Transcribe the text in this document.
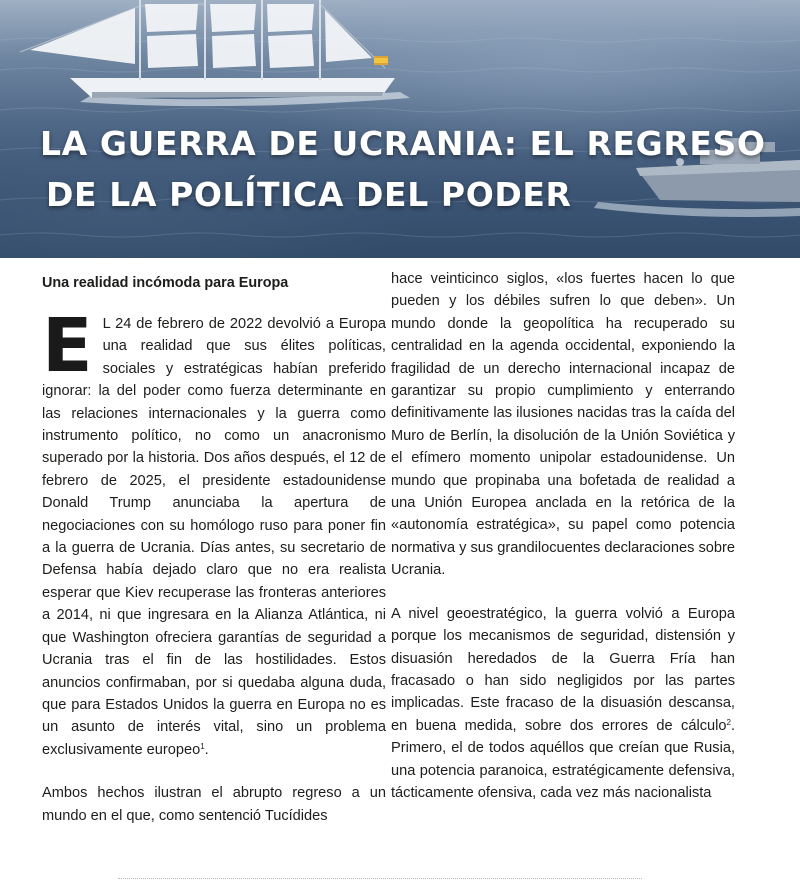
LA GUERRA DE UCRANIA: EL REGRESO
DE LA POLÍTICA DEL PODER
Una realidad incómoda para Europa

E L 24 de febrero de 2022 devolvió a Europa una realidad que sus élites políticas, sociales y estratégicas habían preferido ignorar: la del poder como fuerza determinante en las relaciones internacionales y la guerra como instrumento político, no como un anacronismo superado por la historia. Dos años después, el 12 de febrero de 2025, el presidente estadounidense Donald Trump anunciaba la apertura de negociaciones con su homólogo ruso para poner fin a la guerra de Ucrania. Días antes, su secretario de Defensa había dejado claro que no era realista esperar que Kiev recuperase las fronteras anteriores a 2014, ni que ingresara en la Alianza Atlántica, ni que Washington ofreciera garantías de seguridad a Ucrania tras el fin de las hostilidades. Estos anuncios confirmaban, por si quedaba alguna duda, que para Estados Unidos la guerra en Europa no es un asunto de interés vital, sino un problema exclusivamente europeo$^1$.

Ambos hechos ilustran el abrupto regreso a un mundo en el que, como sentenció Tucídides

hace veinticinco siglos, «los fuertes hacen lo que pueden y los débiles sufren lo que deben». Un mundo donde la geopolítica ha recuperado su centralidad en la agenda occidental, exponiendo la fragilidad de un derecho internacional incapaz de garantizar su propio cumplimiento y enterrando definitivamente las ilusiones nacidas tras la caída del Muro de Berlín, la disolución de la Unión Soviética y el efímero momento unipolar estadounidense. Un mundo que propinaba una bofetada de realidad a una Unión Europea anclada en la retórica de la «autonomía estratégica», su papel como potencia normativa y sus grandilocuentes declaraciones sobre Ucrania.

A nivel geoestratégico, la guerra volvió a Europa porque los mecanismos de seguridad, distensión y disuasión heredados de la Guerra Fría han fracasado o han sido negligidos por las partes implicadas. Este fracaso de la disuasión descansa, en buena medida, sobre dos errores de cálculo$^2$. Primero, el de todos aquéllos que creían que Rusia, una potencia paranoica, estratégicamente defensiva, tácticamente ofensiva, cada vez más nacionalista
